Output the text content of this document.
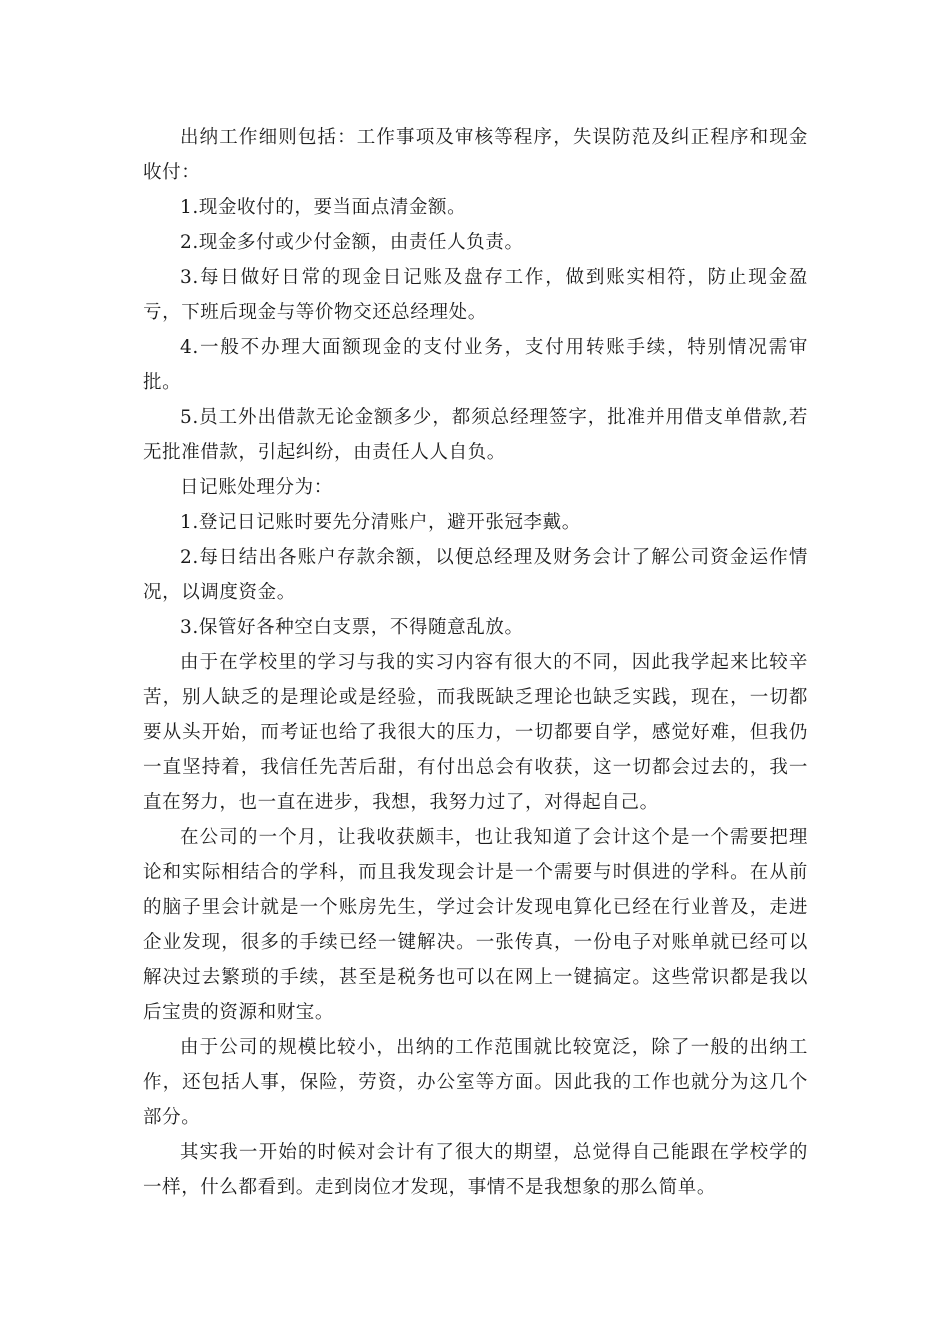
出纳工作细则包括：工作事项及审核等程序，失误防范及纠正程序和现金收付：

1.现金收付的，要当面点清金额。

2.现金多付或少付金额，由责任人负责。

3.每日做好日常的现金日记账及盘存工作，做到账实相符，防止现金盈亏，下班后现金与等价物交还总经理处。

4.一般不办理大面额现金的支付业务，支付用转账手续，特别情况需审批。

5.员工外出借款无论金额多少，都须总经理签字，批准并用借支单借款,若无批准借款，引起纠纷，由责任人人自负。

日记账处理分为：

1.登记日记账时要先分清账户，避开张冠李戴。

2.每日结出各账户存款余额，以便总经理及财务会计了解公司资金运作情况，以调度资金。

3.保管好各种空白支票，不得随意乱放。

由于在学校里的学习与我的实习内容有很大的不同，因此我学起来比较辛苦，别人缺乏的是理论或是经验，而我既缺乏理论也缺乏实践，现在，一切都要从头开始，而考证也给了我很大的压力，一切都要自学，感觉好难，但我仍一直坚持着，我信任先苦后甜，有付出总会有收获，这一切都会过去的，我一直在努力，也一直在进步，我想，我努力过了，对得起自己。

在公司的一个月，让我收获颇丰，也让我知道了会计这个是一个需要把理论和实际相结合的学科，而且我发现会计是一个需要与时俱进的学科。在从前的脑子里会计就是一个账房先生，学过会计发现电算化已经在行业普及，走进企业发现，很多的手续已经一键解决。一张传真，一份电子对账单就已经可以解决过去繁琐的手续，甚至是税务也可以在网上一键搞定。这些常识都是我以后宝贵的资源和财宝。

由于公司的规模比较小，出纳的工作范围就比较宽泛，除了一般的出纳工作，还包括人事，保险，劳资，办公室等方面。因此我的工作也就分为这几个部分。

其实我一开始的时候对会计有了很大的期望，总觉得自己能跟在学校学的一样，什么都看到。走到岗位才发现，事情不是我想象的那么简单。
